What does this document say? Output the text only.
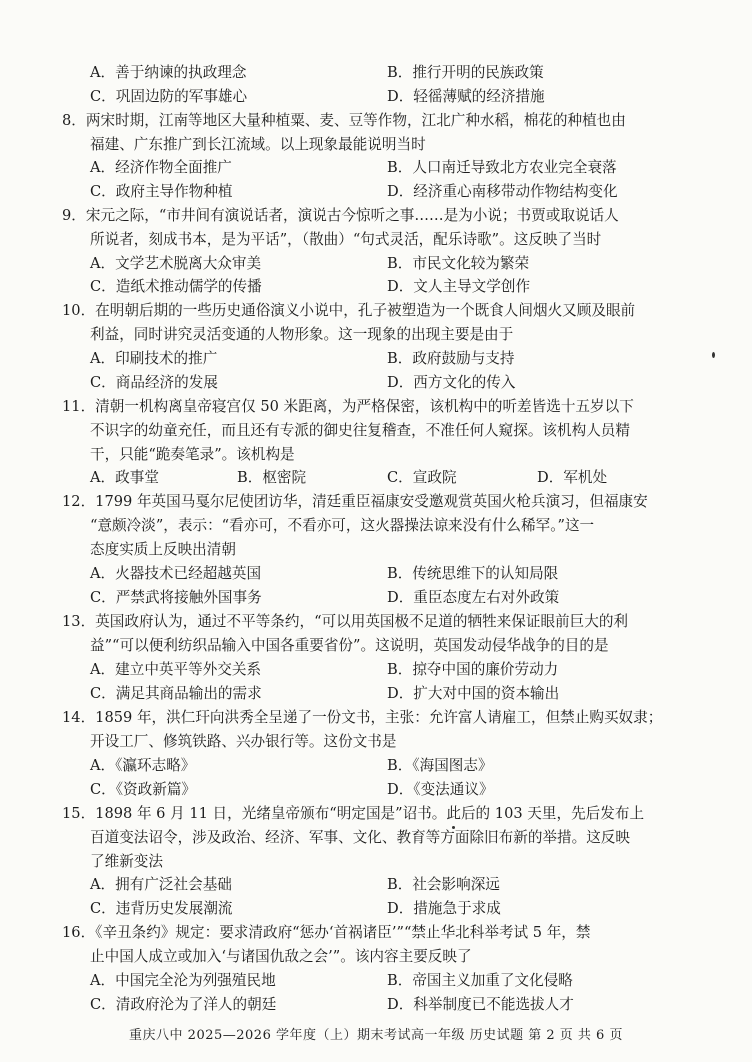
A．善于纳谏的执政理念	B．推行开明的民族政策
C．巩固边防的军事雄心	D．轻徭薄赋的经济措施
8．两宋时期，江南等地区大量种植粟、麦、豆等作物，江北广种水稻，棉花的种植也由
福建、广东推广到长江流域。以上现象最能说明当时
A．经济作物全面推广	B．人口南迁导致北方农业完全衰落
C．政府主导作物种植	D．经济重心南移带动作物结构变化
9．宋元之际，“市井间有演说话者，演说古今惊听之事……是为小说；书贾或取说话人
所说者，刻成书本，是为平话”，（散曲）“句式灵活，配乐诗歌”。这反映了当时
A．文学艺术脱离大众审美	B．市民文化较为繁荣
C．造纸术推动儒学的传播	D．文人主导文学创作
10．在明朝后期的一些历史通俗演义小说中，孔子被塑造为一个既食人间烟火又顾及眼前
利益，同时讲究灵活变通的人物形象。这一现象的出现主要是由于
A．印刷技术的推广	B．政府鼓励与支持
C．商品经济的发展	D．西方文化的传入
11．清朝一机构离皇帝寝宫仅 50 米距离，为严格保密，该机构中的听差皆选十五岁以下
不识字的幼童充任，而且还有专派的御史往复稽查，不准任何人窥探。该机构人员精
干，只能“跪奏笔录”。该机构是
A．政事堂	B．枢密院	C．宣政院	D．军机处
12．1799 年英国马戛尔尼使团访华，清廷重臣福康安受邀观赏英国火枪兵演习，但福康安
“意颇冷淡”，表示：“看亦可，不看亦可，这火器操法谅来没有什么稀罕。”这一
态度实质上反映出清朝
A．火器技术已经超越英国	B．传统思维下的认知局限
C．严禁武将接触外国事务	D．重臣态度左右对外政策
13．英国政府认为，通过不平等条约，“可以用英国极不足道的牺牲来保证眼前巨大的利
益”“可以便利纺织品输入中国各重要省份”。这说明，英国发动侵华战争的目的是
A．建立中英平等外交关系	B．掠夺中国的廉价劳动力
C．满足其商品输出的需求	D．扩大对中国的资本输出
14．1859 年，洪仁玕向洪秀全呈递了一份文书，主张：允许富人请雇工，但禁止购买奴隶；
开设工厂、修筑铁路、兴办银行等。这份文书是
A．《瀛环志略》	B．《海国图志》
C．《资政新篇》	D．《变法通议》
15．1898 年 6 月 11 日，光绪皇帝颁布“明定国是”诏书。此后的 103 天里，先后发布上
百道变法诏令，涉及政治、经济、军事、文化、教育等方面除旧布新的举措。这反映
了维新变法
A．拥有广泛社会基础	B．社会影响深远
C．违背历史发展潮流	D．措施急于求成
16．《辛丑条约》规定：要求清政府“惩办‘首祸诸臣’”“禁止华北科举考试 5 年，禁
止中国人成立或加入‘与诸国仇敌之会’”。该内容主要反映了
A．中国完全沦为列强殖民地	B．帝国主义加重了文化侵略
C．清政府沦为了洋人的朝廷	D．科举制度已不能选拔人才
重庆八中 2025—2026 学年度（上）期末考试高一年级 历史试题 第 2 页 共 6 页
